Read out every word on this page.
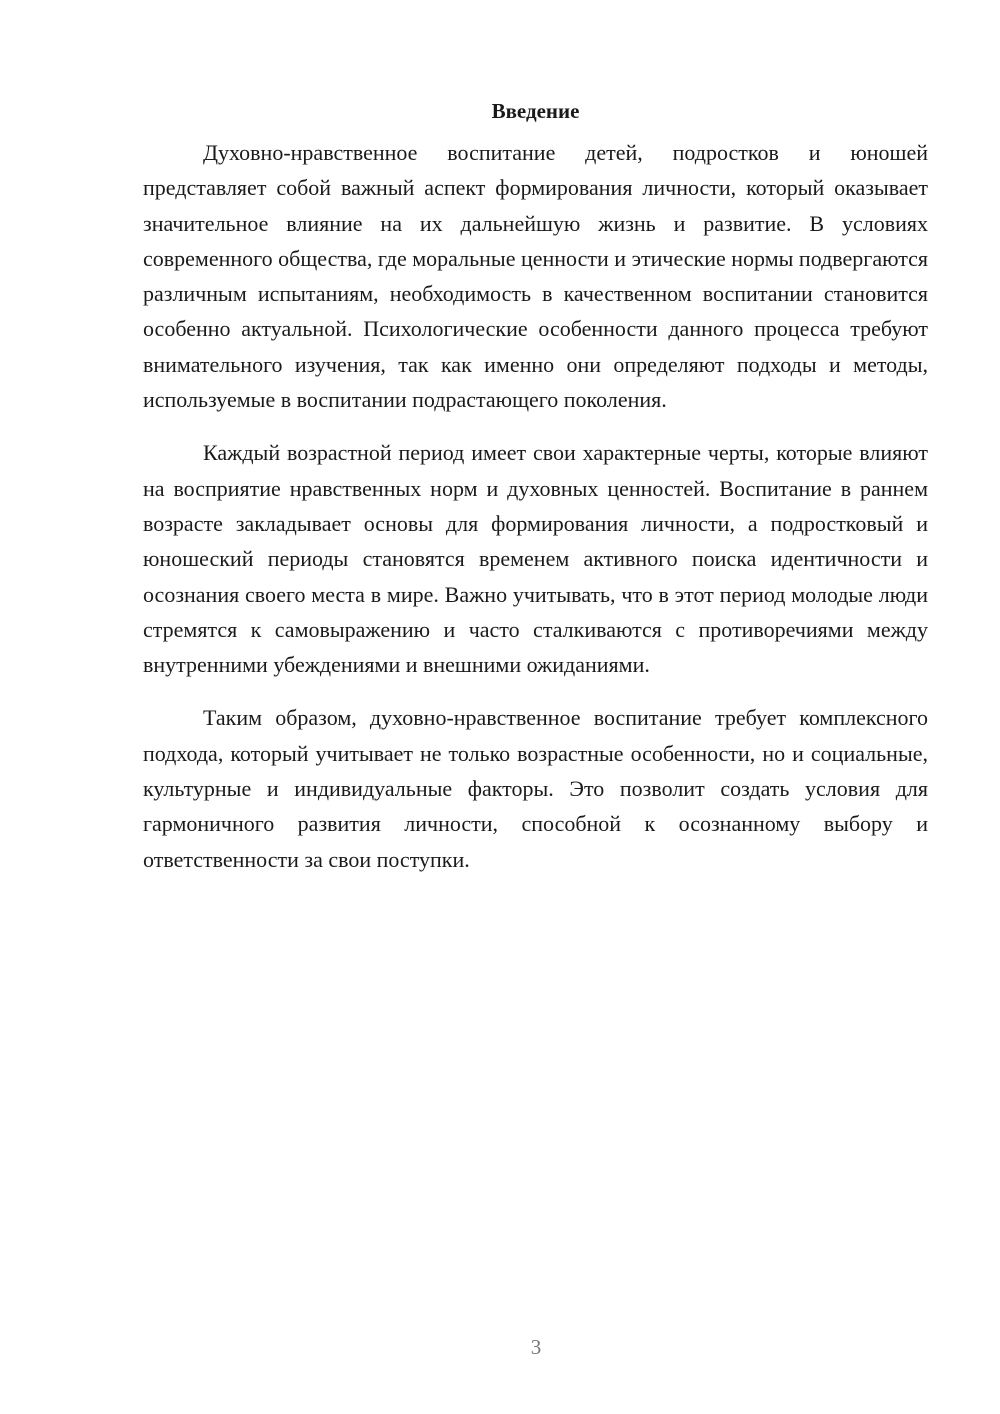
Введение

Духовно-нравственное воспитание детей, подростков и юношей представляет собой важный аспект формирования личности, который оказывает значительное влияние на их дальнейшую жизнь и развитие. В условиях современного общества, где моральные ценности и этические нормы подвергаются различным испытаниям, необходимость в качественном воспитании становится особенно актуальной. Психологические особенности данного процесса требуют внимательного изучения, так как именно они определяют подходы и методы, используемые в воспитании подрастающего поколения.

Каждый возрастной период имеет свои характерные черты, которые влияют на восприятие нравственных норм и духовных ценностей. Воспитание в раннем возрасте закладывает основы для формирования личности, а подростковый и юношеский периоды становятся временем активного поиска идентичности и осознания своего места в мире. Важно учитывать, что в этот период молодые люди стремятся к самовыражению и часто сталкиваются с противоречиями между внутренними убеждениями и внешними ожиданиями.

Таким образом, духовно-нравственное воспитание требует комплексного подхода, который учитывает не только возрастные особенности, но и социальные, культурные и индивидуальные факторы. Это позволит создать условия для гармоничного развития личности, способной к осознанному выбору и ответственности за свои поступки.

3
